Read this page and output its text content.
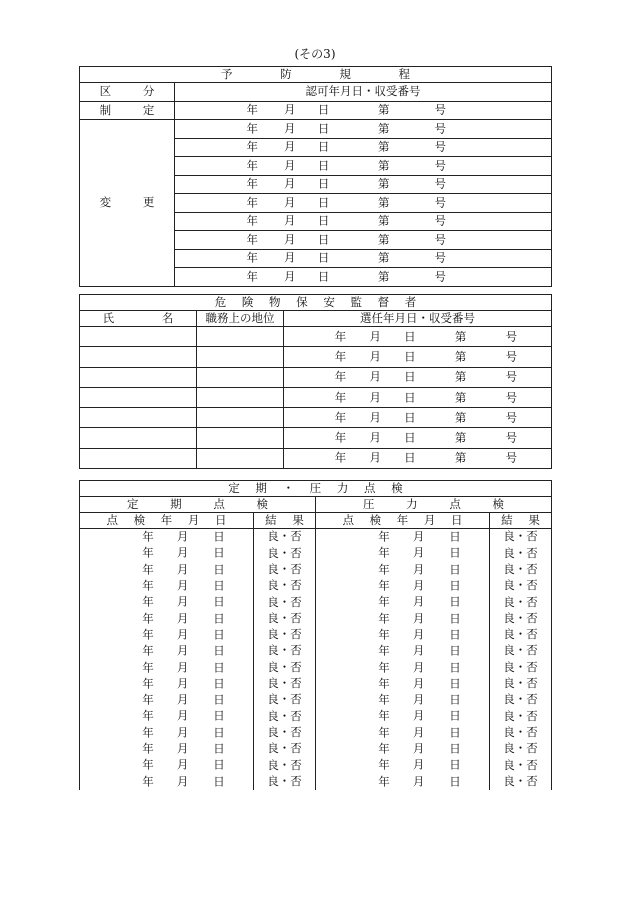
(その3)
予 防 規 程	
区 分	認可年月日・収受番号
制 定	年 月 日 第 号

変 更	年 月 日 第 号

	年 月 日 第 号

	年 月 日 第 号

	年 月 日 第 号

	年 月 日 第 号

	年 月 日 第 号

	年 月 日 第 号

	年 月 日 第 号

	年 月 日 第 号
危 険 物 保 安 監 督 者		
氏 名	職務上の地位	選任年月日・収受番号

		年 月 日 第 号

		年 月 日 第 号

		年 月 日 第 号

		年 月 日 第 号

		年 月 日 第 号

		年 月 日 第 号

		年 月 日 第 号
定 期 ・ 圧 力 点 検			
定 期 点 検		圧 力 点 検	
点 検 年 月 日	結 果	点 検 年 月 日	結 果

年 月 日	良・否	年 月 日	良・否

年 月 日	良・否	年 月 日	良・否

年 月 日	良・否	年 月 日	良・否

年 月 日	良・否	年 月 日	良・否

年 月 日	良・否	年 月 日	良・否

年 月 日	良・否	年 月 日	良・否

年 月 日	良・否	年 月 日	良・否

年 月 日	良・否	年 月 日	良・否

年 月 日	良・否	年 月 日	良・否

年 月 日	良・否	年 月 日	良・否

年 月 日	良・否	年 月 日	良・否

年 月 日	良・否	年 月 日	良・否

年 月 日	良・否	年 月 日	良・否

年 月 日	良・否	年 月 日	良・否

年 月 日	良・否	年 月 日	良・否

年 月 日	良・否	年 月 日	良・否
